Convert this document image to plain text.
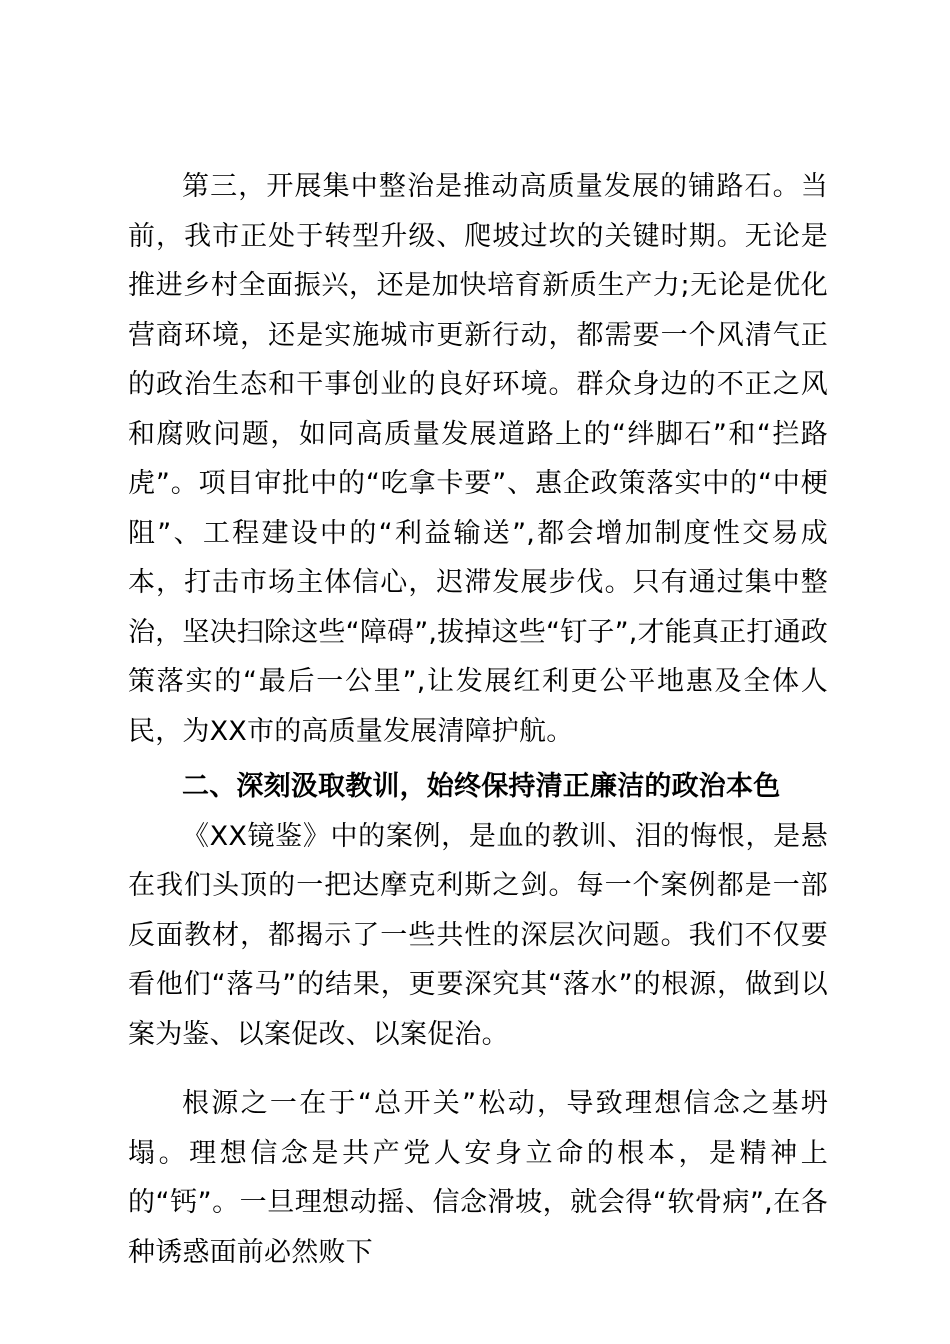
第三，开展集中整治是推动高质量发展的铺路石。当前，我市正处于转型升级、爬坡过坎的关键时期。无论是推进乡村全面振兴，还是加快培育新质生产力;无论是优化营商环境，还是实施城市更新行动，都需要一个风清气正的政治生态和干事创业的良好环境。群众身边的不正之风和腐败问题，如同高质量发展道路上的“绊脚石”和“拦路虎”。项目审批中的“吃拿卡要”、惠企政策落实中的“中梗阻”、工程建设中的“利益输送”,都会增加制度性交易成本，打击市场主体信心，迟滞发展步伐。只有通过集中整治，坚决扫除这些“障碍”,拔掉这些“钉子”,才能真正打通政策落实的“最后一公里”,让发展红利更公平地惠及全体人民，为XX市的高质量发展清障护航。

二、深刻汲取教训，始终保持清正廉洁的政治本色

《XX镜鉴》中的案例，是血的教训、泪的悔恨，是悬在我们头顶的一把达摩克利斯之剑。每一个案例都是一部反面教材，都揭示了一些共性的深层次问题。我们不仅要看他们“落马”的结果，更要深究其“落水”的根源，做到以案为鉴、以案促改、以案促治。

根源之一在于“总开关”松动，导致理想信念之基坍塌。理想信念是共产党人安身立命的根本，是精神上的“钙”。一旦理想动摇、信念滑坡，就会得“软骨病”,在各种诱惑面前必然败下
